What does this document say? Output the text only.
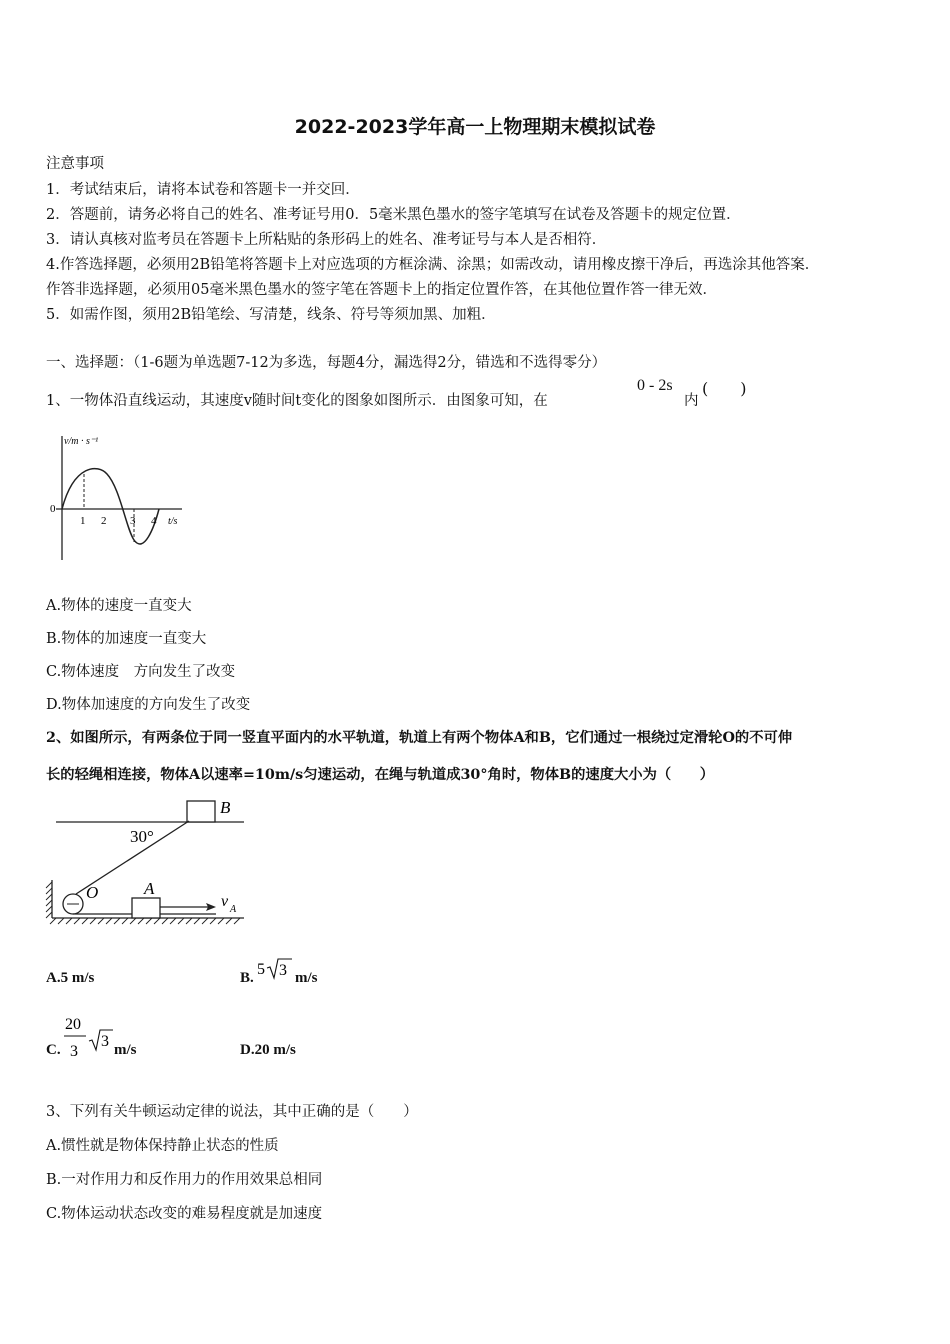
2022-2023学年高一上物理期末模拟试卷
注意事项
1．考试结束后，请将本试卷和答题卡一并交回．
2．答题前，请务必将自己的姓名、准考证号用0．5毫米黑色墨水的签字笔填写在试卷及答题卡的规定位置．
3．请认真核对监考员在答题卡上所粘贴的条形码上的姓名、准考证号与本人是否相符．
4.作答选择题，必须用2B铅笔将答题卡上对应选项的方框涂满、涂黑；如需改动，请用橡皮擦干净后，再选涂其他答案．
作答非选择题，必须用05毫米黑色墨水的签字笔在答题卡上的指定位置作答，在其他位置作答一律无效．
5．如需作图，须用2B铅笔绘、写清楚，线条、符号等须加黑、加粗．
一、选择题：（1-6题为单选题7-12为多选，每题4分，漏选得2分，错选和不选得零分）
1、一物体沿直线运动，其速度v随时间t变化的图象如图所示．由图象可知，在
0 - 2s
内
(　　)
v/m · s⁻¹
0
1 2 3 4 t/s
A.物体的速度一直变大
B.物体的加速度一直变大
C.物体速度　方向发生了改变
D.物体加速度的方向发生了改变
2、如图所示，有两条位于同一竖直平面内的水平轨道，轨道上有两个物体A和B，它们通过一根绕过定滑轮O的不可伸
长的轻绳相连接，物体A以速率=10m/s匀速运动，在绳与轨道成30°角时，物体B的速度大小为（　　）
B
30°
O	A
v A
A.5 m/s	B. 5 3 m/s
C.
20
3
3 m/s	D.20 m/s
3、下列有关牛顿运动定律的说法，其中正确的是（　　）
A.惯性就是物体保持静止状态的性质
B.一对作用力和反作用力的作用效果总相同
C.物体运动状态改变的难易程度就是加速度
